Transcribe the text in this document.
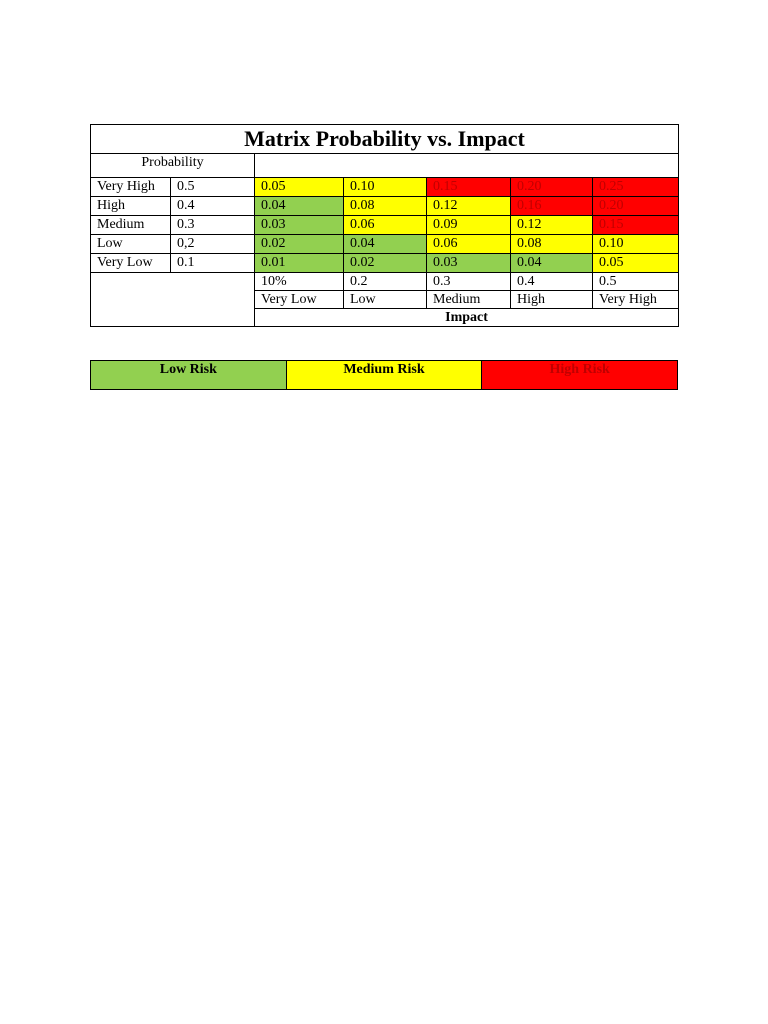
Matrix Probability vs. Impact						
Probability						
Very High	0.5	0.05	0.10	0.15	0.20	0.25
High	0.4	0.04	0.08	0.12	0.16	0.20
Medium	0.3	0.03	0.06	0.09	0.12	0.15
Low	0,2	0.02	0.04	0.06	0.08	0.10
Very Low	0.1	0.01	0.02	0.03	0.04	0.05
		10%	0.2	0.3	0.4	0.5
		Very Low	Low	Medium	High	Very High
		Impact				
Low Risk	Medium Risk	High Risk
